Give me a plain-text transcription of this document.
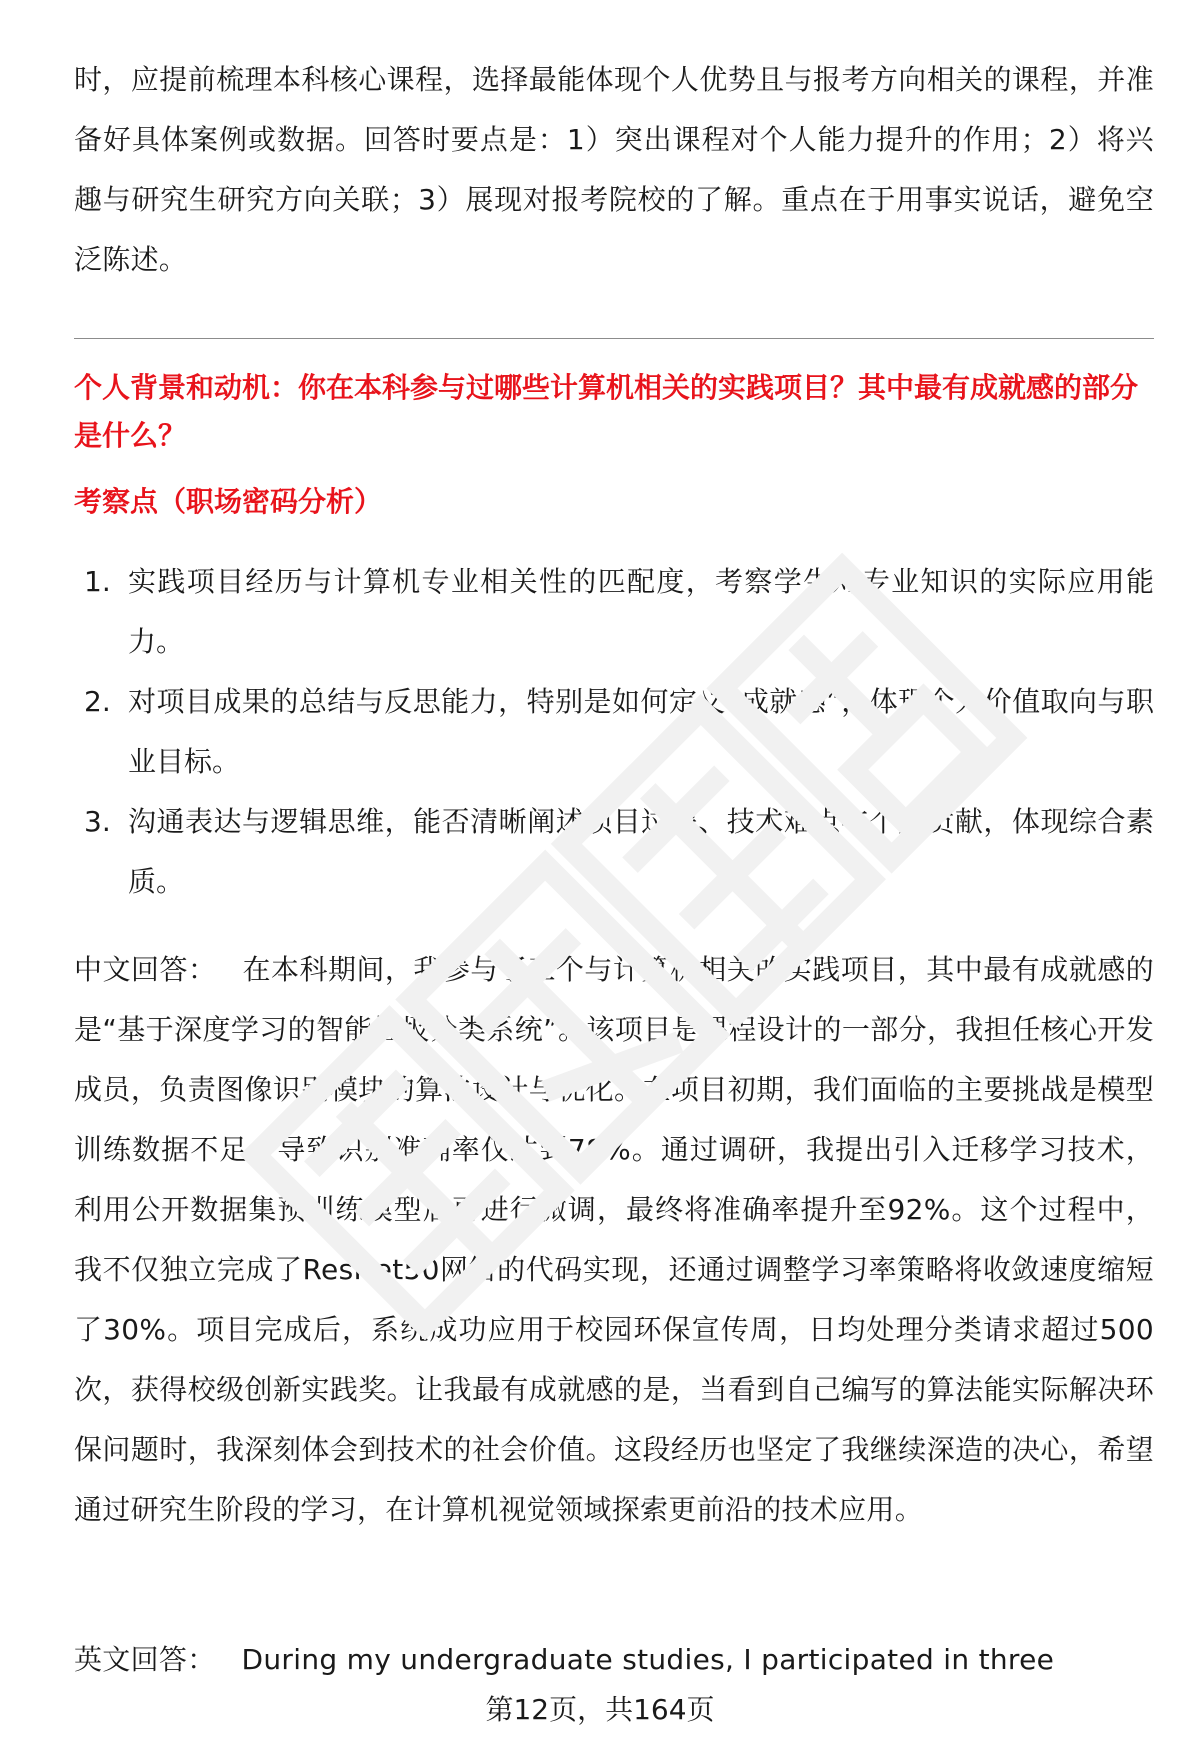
时，应提前梳理本科核心课程，选择最能体现个人优势且与报考方向相关的课程，并准备好具体案例或数据。回答时要点是：1）突出课程对个人能力提升的作用；2）将兴趣与研究生研究方向关联；3）展现对报考院校的了解。重点在于用事实说话，避免空泛陈述。

个人背景和动机：你在本科参与过哪些计算机相关的实践项目？其中最有成就感的部分是什么？

考察点（职场密码分析）

1. 实践项目经历与计算机专业相关性的匹配度，考察学生对专业知识的实际应用能力。
2. 对项目成果的总结与反思能力，特别是如何定义“成就感”，体现个人价值取向与职业目标。
3. 沟通表达与逻辑思维，能否清晰阐述项目过程、技术难点与个人贡献，体现综合素质。

中文回答： 在本科期间，我参与了三个与计算机相关的实践项目，其中最有成就感的是“基于深度学习的智能垃圾分类系统”。该项目是课程设计的一部分，我担任核心开发成员，负责图像识别模块的算法设计与优化。在项目初期，我们面临的主要挑战是模型训练数据不足，导致识别准确率仅达到78%。通过调研，我提出引入迁移学习技术，利用公开数据集预训练模型后再进行微调，最终将准确率提升至92%。这个过程中，我不仅独立完成了ResNet50网络的代码实现，还通过调整学习率策略将收敛速度缩短了30%。项目完成后，系统成功应用于校园环保宣传周，日均处理分类请求超过500次，获得校级创新实践奖。让我最有成就感的是，当看到自己编写的算法能实际解决环保问题时，我深刻体会到技术的社会价值。这段经历也坚定了我继续深造的决心，希望通过研究生阶段的学习，在计算机视觉领域探索更前沿的技术应用。

英文回答： During my undergraduate studies, I participated in three

第12页，共164页
